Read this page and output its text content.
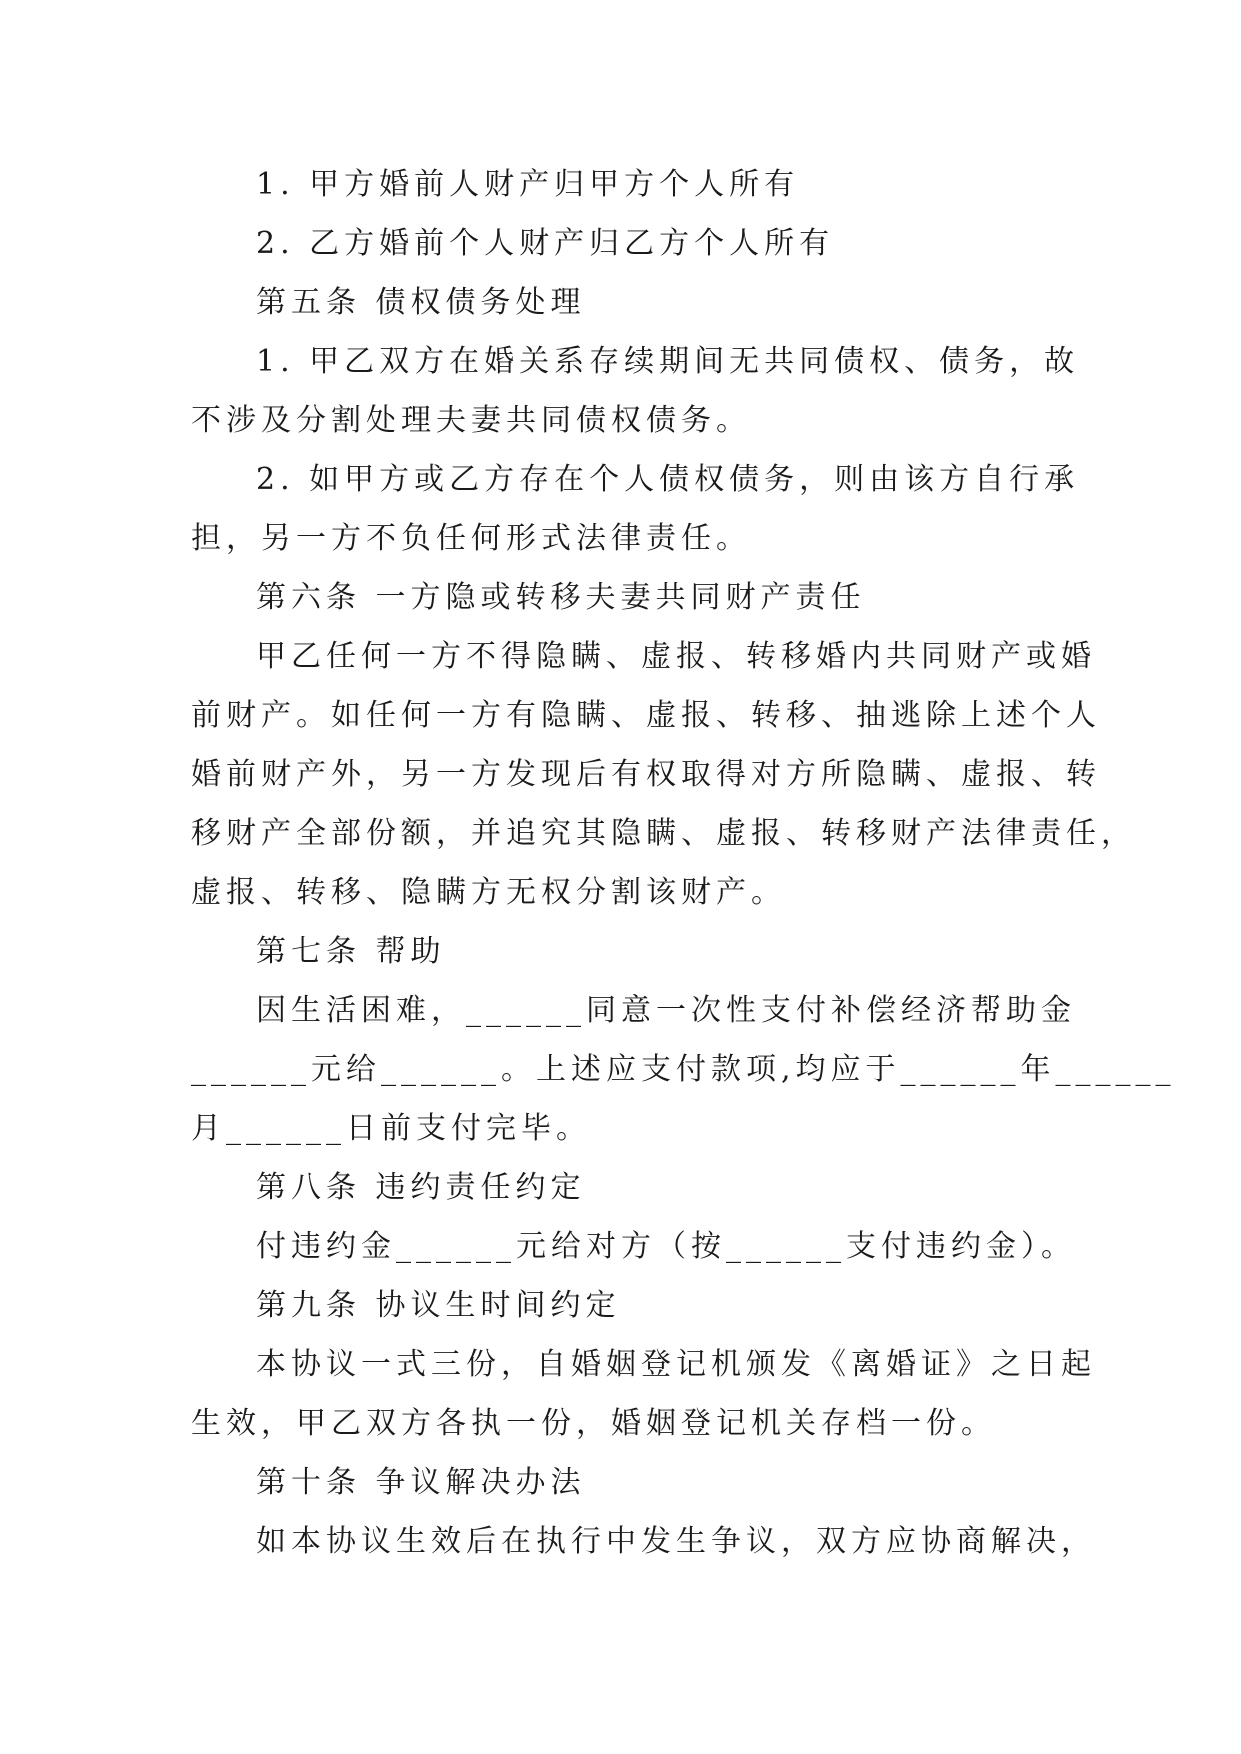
1. 甲方婚前人财产归甲方个人所有
2. 乙方婚前个人财产归乙方个人所有
第五条 债权债务处理
1. 甲乙双方在婚关系存续期间无共同债权、债务，故
不涉及分割处理夫妻共同债权债务。
2. 如甲方或乙方存在个人债权债务，则由该方自行承
担，另一方不负任何形式法律责任。
第六条 一方隐或转移夫妻共同财产责任
甲乙任何一方不得隐瞒、虚报、转移婚内共同财产或婚
前财产。如任何一方有隐瞒、虚报、转移、抽逃除上述个人
婚前财产外，另一方发现后有权取得对方所隐瞒、虚报、转
移财产全部份额，并追究其隐瞒、虚报、转移财产法律责任，
虚报、转移、隐瞒方无权分割该财产。
第七条 帮助
因生活困难，______同意一次性支付补偿经济帮助金
______元给______。上述应支付款项,均应于______年______
月______日前支付完毕。
第八条 违约责任约定
付违约金______元给对方（按______支付违约金）。
第九条 协议生时间约定
本协议一式三份，自婚姻登记机颁发《离婚证》之日起
生效，甲乙双方各执一份，婚姻登记机关存档一份。
第十条 争议解决办法
如本协议生效后在执行中发生争议，双方应协商解决，
